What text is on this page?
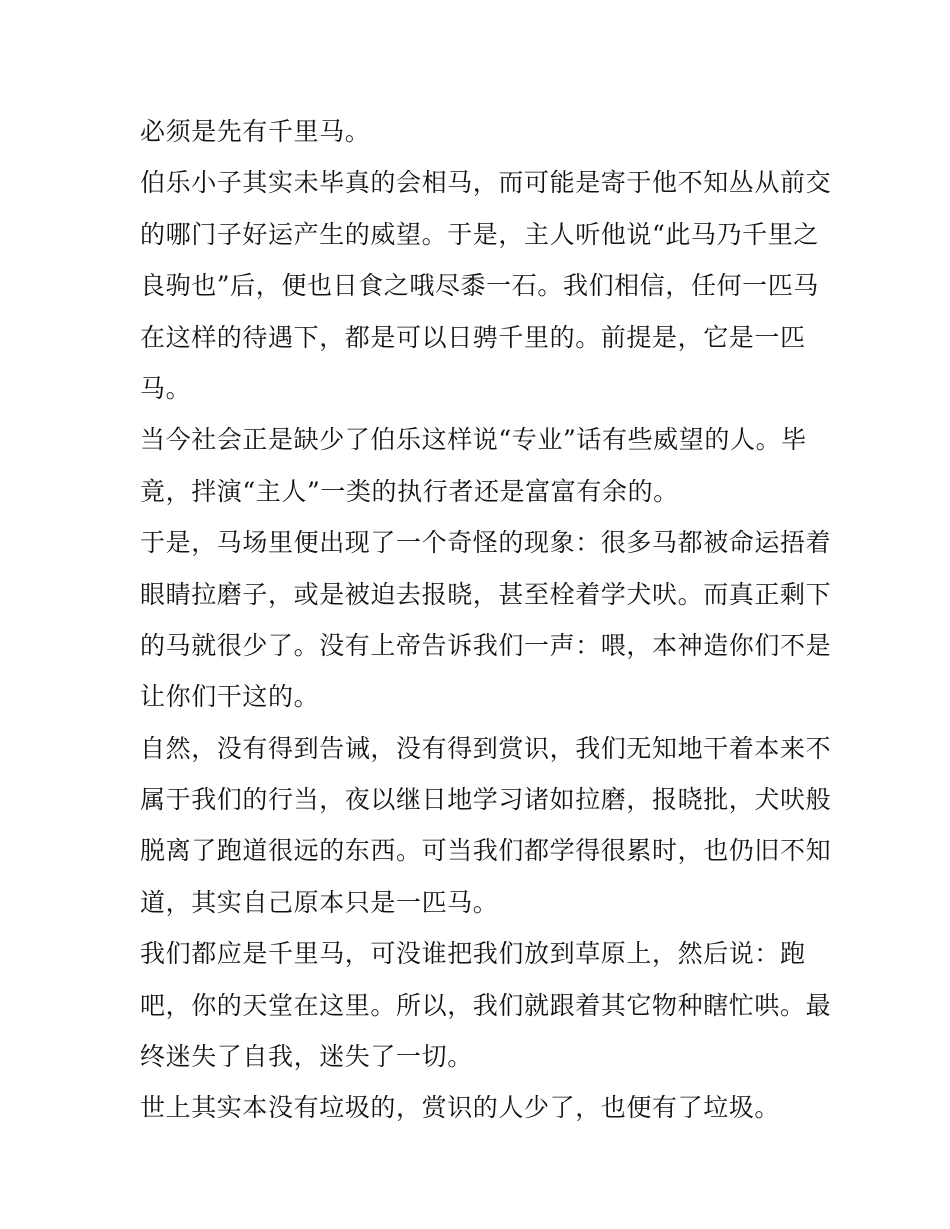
必须是先有千里马。
伯乐小子其实未毕真的会相马，而可能是寄于他不知丛从前交
的哪门子好运产生的威望。于是，主人听他说“此马乃千里之
良驹也”后，便也日食之哦尽黍一石。我们相信，任何一匹马
在这样的待遇下，都是可以日骋千里的。前提是，它是一匹
马。
当今社会正是缺少了伯乐这样说“专业”话有些威望的人。毕
竟，拌演“主人”一类的执行者还是富富有余的。
于是，马场里便出现了一个奇怪的现象：很多马都被命运捂着
眼睛拉磨子，或是被迫去报晓，甚至栓着学犬吠。而真正剩下
的马就很少了。没有上帝告诉我们一声：喂，本神造你们不是
让你们干这的。
自然，没有得到告诫，没有得到赏识，我们无知地干着本来不
属于我们的行当，夜以继日地学习诸如拉磨，报晓批，犬吠般
脱离了跑道很远的东西。可当我们都学得很累时，也仍旧不知
道，其实自己原本只是一匹马。
我们都应是千里马，可没谁把我们放到草原上，然后说：跑
吧，你的天堂在这里。所以，我们就跟着其它物种瞎忙哄。最
终迷失了自我，迷失了一切。
世上其实本没有垃圾的，赏识的人少了，也便有了垃圾。
